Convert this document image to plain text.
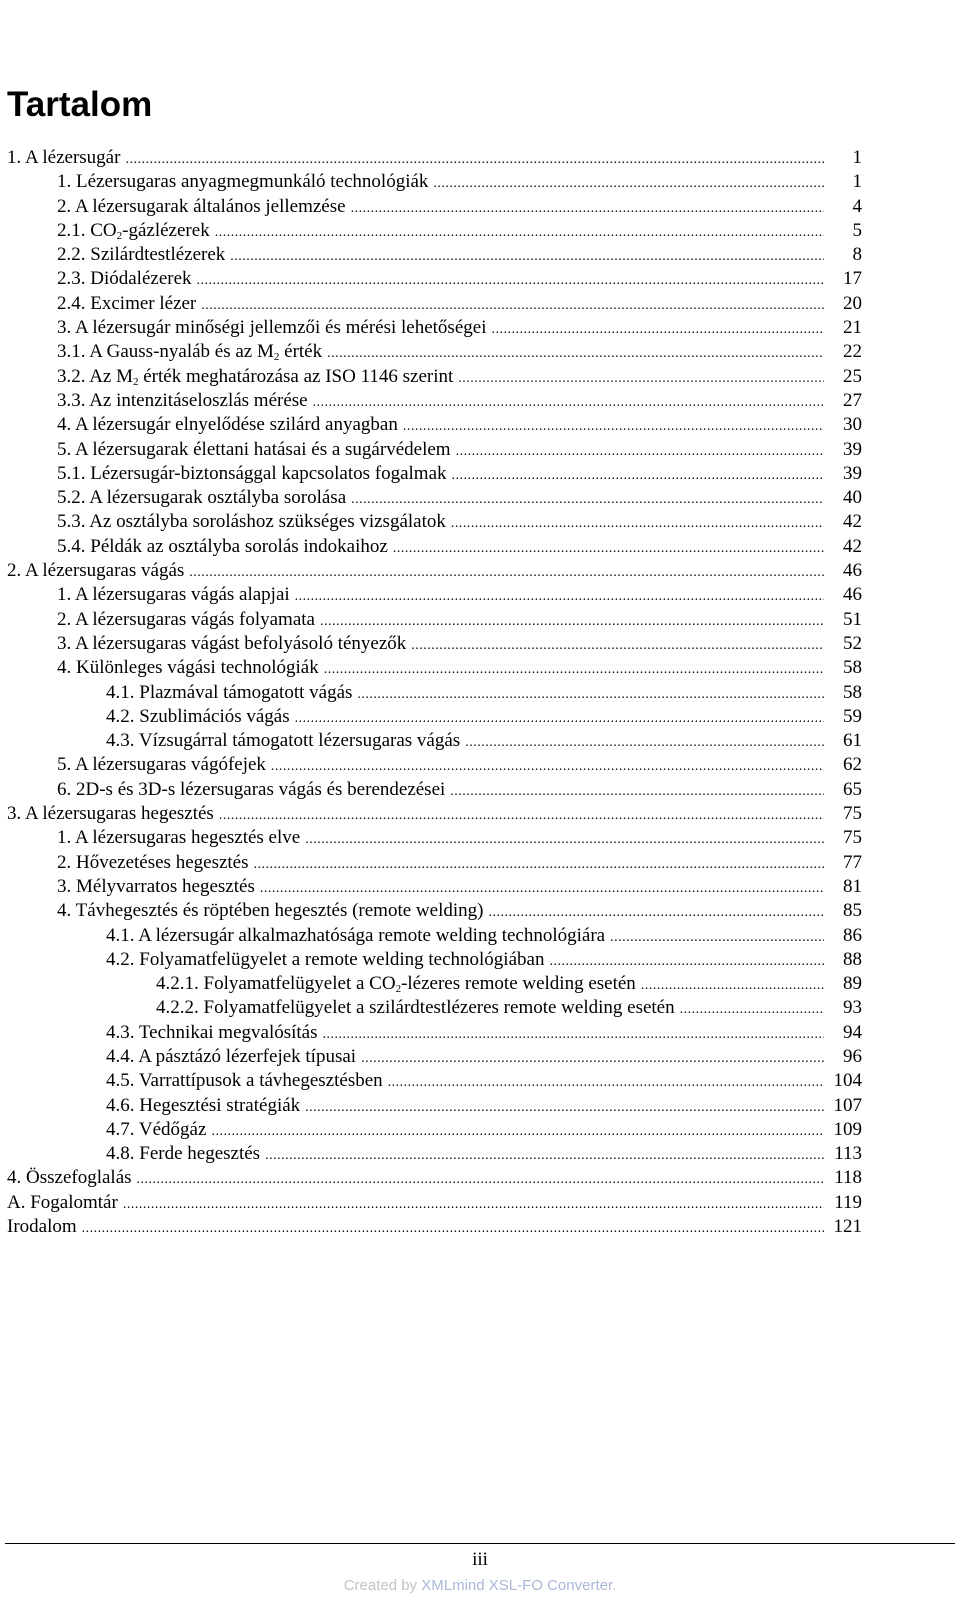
Tartalom
1. A lézersugár .....	1
1. Lézersugaras anyagmegmunkáló technológiák .....	1
2. A lézersugarak általános jellemzése .....	4
2.1. $CO_2$-gázlézerek .....	5
2.2. Szilárdtestlézerek .....	8
2.3. Diódalézerek .....	17
2.4. Excimer lézer .....	20
3. A lézersugár minőségi jellemzői és mérési lehetőségei .....	21
3.1. A Gauss-nyaláb és az $M_2$ érték .....	22
3.2. Az $M_2$ érték meghatározása az ISO 1146 szerint .....	25
3.3. Az intenzitáseloszlás mérése .....	27
4. A lézersugár elnyelődése szilárd anyagban .....	30
5. A lézersugarak élettani hatásai és a sugárvédelem .....	39
5.1. Lézersugár-biztonsággal kapcsolatos fogalmak .....	39
5.2. A lézersugarak osztályba sorolása .....	40
5.3. Az osztályba soroláshoz szükséges vizsgálatok .....	42
5.4. Példák az osztályba sorolás indokaihoz .....	42
2. A lézersugaras vágás .....	46
1. A lézersugaras vágás alapjai .....	46
2. A lézersugaras vágás folyamata .....	51
3. A lézersugaras vágást befolyásoló tényezők .....	52
4. Különleges vágási technológiák .....	58
4.1. Plazmával támogatott vágás .....	58
4.2. Szublimációs vágás .....	59
4.3. Vízsugárral támogatott lézersugaras vágás .....	61
5. A lézersugaras vágófejek .....	62
6. 2D-s és 3D-s lézersugaras vágás és berendezései .....	65
3. A lézersugaras hegesztés .....	75
1. A lézersugaras hegesztés elve .....	75
2. Hővezetéses hegesztés .....	77
3. Mélyvarratos hegesztés .....	81
4. Távhegesztés és röptében hegesztés (remote welding) .....	85
4.1. A lézersugár alkalmazhatósága remote welding technológiára .....	86
4.2. Folyamatfelügyelet a remote welding technológiában .....	88
4.2.1. Folyamatfelügyelet a $CO_2$-lézeres remote welding esetén .....	89
4.2.2. Folyamatfelügyelet a szilárdtestlézeres remote welding esetén .....	93
4.3. Technikai megvalósítás .....	94
4.4. A pásztázó lézerfejek típusai .....	96
4.5. Varrattípusok a távhegesztésben .....	104
4.6. Hegesztési stratégiák .....	107
4.7. Védőgáz .....	109
4.8. Ferde hegesztés .....	113
4. Összefoglalás .....	118
A. Fogalomtár .....	119
Irodalom .....	121
iii
Created by XMLmind XSL-FO Converter.
